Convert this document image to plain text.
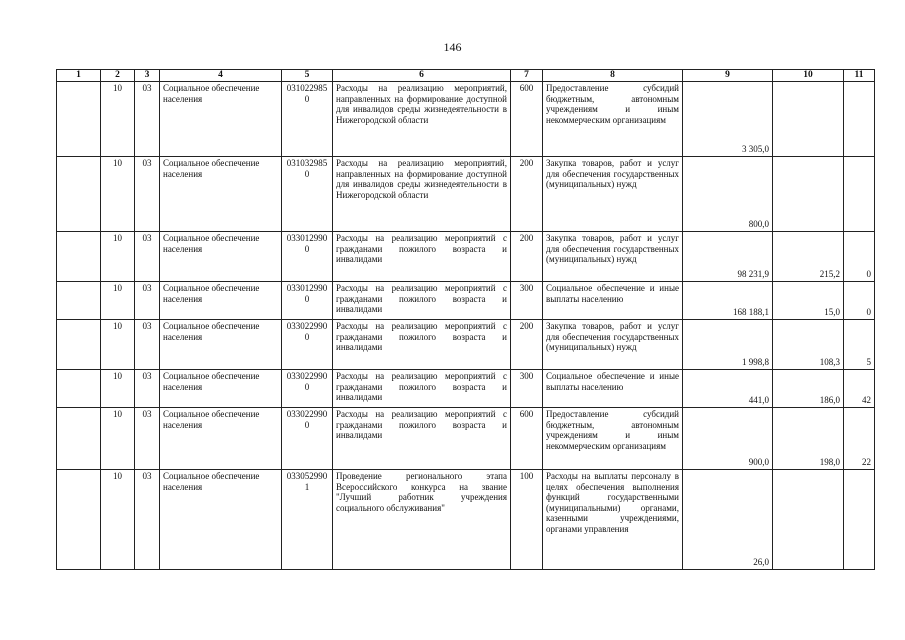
146
1	2	3	4	5	6	7	8	9	10	11
	10	03	Социальное обеспечение населения	0310229850	Расходы на реализацию мероприятий, направленных на формирование доступной для инвалидов среды жизнедеятельности в Нижегородской области	600	Предоставление субсидий бюджетным, автономным учреждениям и иным некоммерческим организациям	3 305,0		
	10	03	Социальное обеспечение населения	0310329850	Расходы на реализацию мероприятий, направленных на формирование доступной для инвалидов среды жизнедеятельности в Нижегородской области	200	Закупка товаров, работ и услуг для обеспечения государственных (муниципальных) нужд	800,0		
	10	03	Социальное обеспечение населения	0330129900	Расходы на реализацию мероприятий с гражданами пожилого возраста и инвалидами	200	Закупка товаров, работ и услуг для обеспечения государственных (муниципальных) нужд	98 231,9	215,2	0
	10	03	Социальное обеспечение населения	0330129900	Расходы на реализацию мероприятий с гражданами пожилого возраста и инвалидами	300	Социальное обеспечение и иные выплаты населению	168 188,1	15,0	0
	10	03	Социальное обеспечение населения	0330229900	Расходы на реализацию мероприятий с гражданами пожилого возраста и инвалидами	200	Закупка товаров, работ и услуг для обеспечения государственных (муниципальных) нужд	1 998,8	108,3	5
	10	03	Социальное обеспечение населения	0330229900	Расходы на реализацию мероприятий с гражданами пожилого возраста и инвалидами	300	Социальное обеспечение и иные выплаты населению	441,0	186,0	42
	10	03	Социальное обеспечение населения	0330229900	Расходы на реализацию мероприятий с гражданами пожилого возраста и инвалидами	600	Предоставление субсидий бюджетным, автономным учреждениям и иным некоммерческим организациям	900,0	198,0	22
	10	03	Социальное обеспечение населения	0330529901	Проведение регионального этапа Всероссийского конкурса на звание "Лучший работник учреждения социального обслуживания"	100	Расходы на выплаты персоналу в целях обеспечения выполнения функций государственными (муниципальными) органами, казенными учреждениями, органами управления	26,0		
